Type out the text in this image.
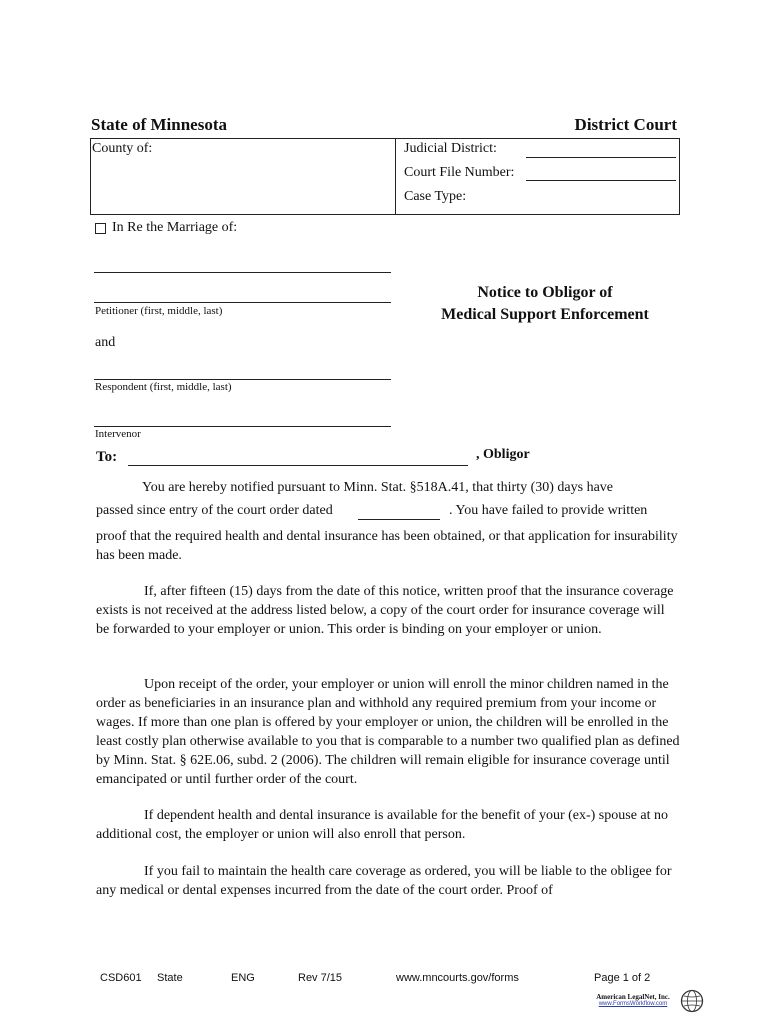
State of Minnesota	District Court
County of:	Judicial District:
Court File Number:
Case Type:
In Re the Marriage of:
Petitioner (first, middle, last)
and
Respondent (first, middle, last)
Intervenor
Notice to Obligor of
Medical Support Enforcement
To:	, Obligor
You are hereby notified pursuant to Minn. Stat. §518A.41, that thirty (30) days have
passed since entry of the court order dated	. You have failed to provide written
proof that the required health and dental insurance has been obtained, or that application for insurability has been made.
If, after fifteen (15) days from the date of this notice, written proof that the insurance coverage exists is not received at the address listed below, a copy of the court order for insurance coverage will be forwarded to your employer or union. This order is binding on your employer or union.
Upon receipt of the order, your employer or union will enroll the minor children named in the order as beneficiaries in an insurance plan and withhold any required premium from your income or wages. If more than one plan is offered by your employer or union, the children will be enrolled in the least costly plan otherwise available to you that is comparable to a number two qualified plan as defined by Minn. Stat. § 62E.06, subd. 2 (2006). The children will remain eligible for insurance coverage until emancipated or until further order of the court.
If dependent health and dental insurance is available for the benefit of your (ex-) spouse at no additional cost, the employer or union will also enroll that person.
If you fail to maintain the health care coverage as ordered, you will be liable to the obligee for any medical or dental expenses incurred from the date of the court order. Proof of
CSD601 State	ENG	Rev 7/15	www.mncourts.gov/forms	Page 1 of 2
American LegalNet, Inc.
www.FormsWorkflow.com
